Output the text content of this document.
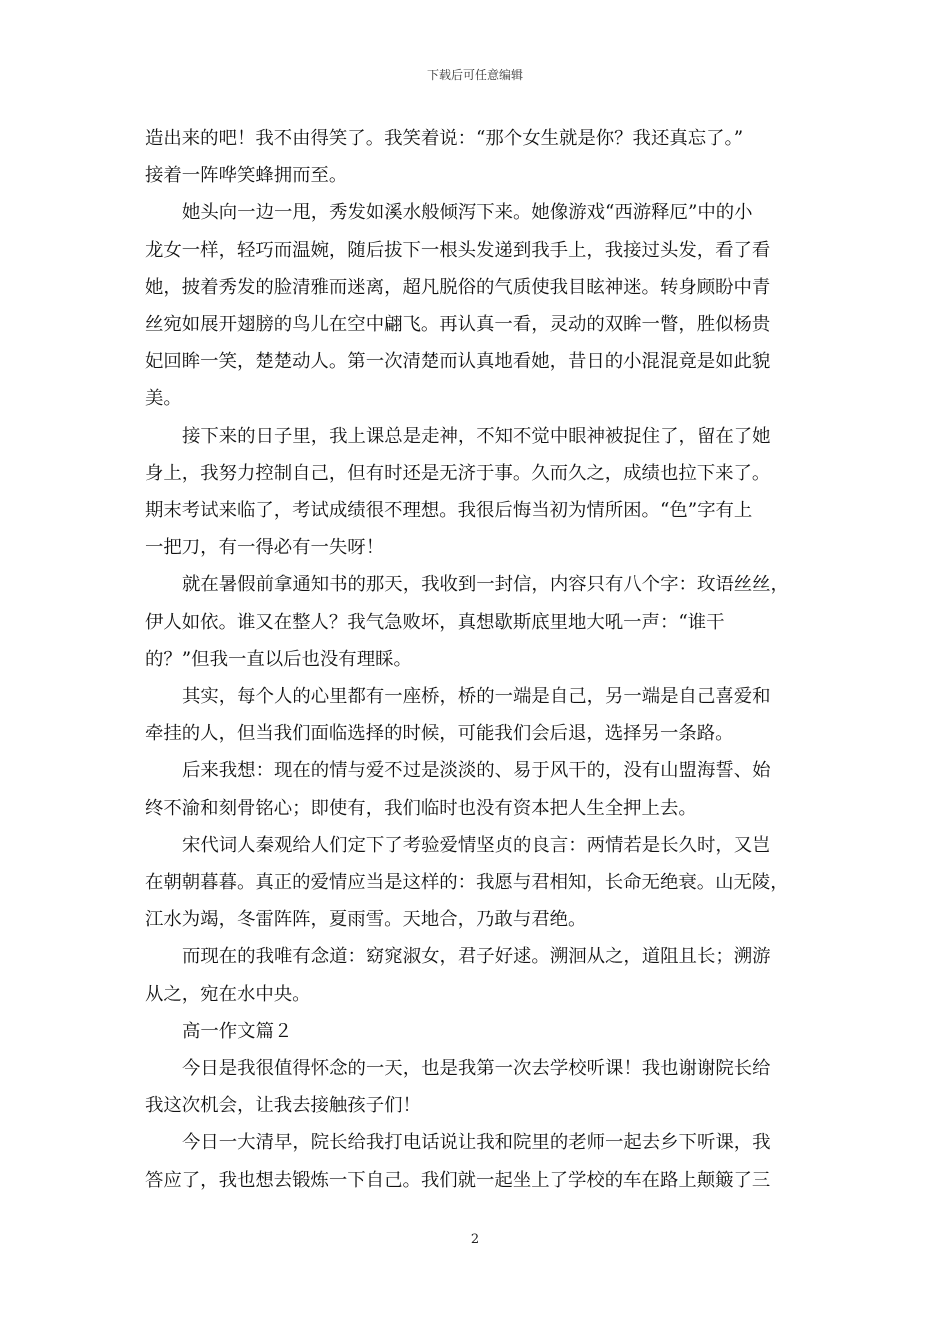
下载后可任意编辑

造出来的吧！我不由得笑了。我笑着说：“那个女生就是你？我还真忘了。”
接着一阵哗笑蜂拥而至。

她头向一边一甩，秀发如溪水般倾泻下来。她像游戏“西游释厄”中的小
龙女一样，轻巧而温婉，随后拔下一根头发递到我手上，我接过头发，看了看
她，披着秀发的脸清雅而迷离，超凡脱俗的气质使我目眩神迷。转身顾盼中青
丝宛如展开翅膀的鸟儿在空中翩飞。再认真一看，灵动的双眸一瞥，胜似杨贵
妃回眸一笑，楚楚动人。第一次清楚而认真地看她，昔日的小混混竟是如此貌
美。

接下来的日子里，我上课总是走神，不知不觉中眼神被捉住了，留在了她
身上，我努力控制自己，但有时还是无济于事。久而久之，成绩也拉下来了。
期末考试来临了，考试成绩很不理想。我很后悔当初为情所困。“色”字有上
一把刀，有一得必有一失呀！

就在暑假前拿通知书的那天，我收到一封信，内容只有八个字：玫语丝丝，
伊人如依。谁又在整人？我气急败坏，真想歇斯底里地大吼一声：“谁干
的？”但我一直以后也没有理睬。

其实，每个人的心里都有一座桥，桥的一端是自己，另一端是自己喜爱和
牵挂的人，但当我们面临选择的时候，可能我们会后退，选择另一条路。

后来我想：现在的情与爱不过是淡淡的、易于风干的，没有山盟海誓、始
终不渝和刻骨铭心；即使有，我们临时也没有资本把人生全押上去。

宋代词人秦观给人们定下了考验爱情坚贞的良言：两情若是长久时，又岂
在朝朝暮暮。真正的爱情应当是这样的：我愿与君相知，长命无绝衰。山无陵，
江水为竭，冬雷阵阵，夏雨雪。天地合，乃敢与君绝。

而现在的我唯有念道：窈窕淑女，君子好逑。溯洄从之，道阻且长；溯游
从之，宛在水中央。

高一作文篇２

今日是我很值得怀念的一天，也是我第一次去学校听课！我也谢谢院长给
我这次机会，让我去接触孩子们！

今日一大清早，院长给我打电话说让我和院里的老师一起去乡下听课，我
答应了，我也想去锻炼一下自己。我们就一起坐上了学校的车在路上颠簸了三

2
